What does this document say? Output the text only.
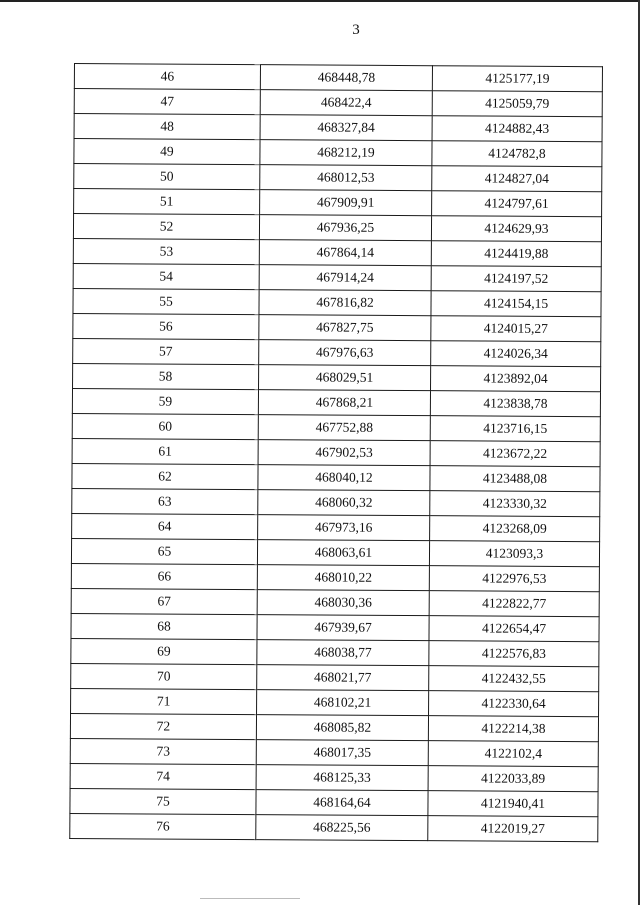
3
46	468448,78	4125177,19
47	468422,4	4125059,79
48	468327,84	4124882,43
49	468212,19	4124782,8
50	468012,53	4124827,04
51	467909,91	4124797,61
52	467936,25	4124629,93
53	467864,14	4124419,88
54	467914,24	4124197,52
55	467816,82	4124154,15
56	467827,75	4124015,27
57	467976,63	4124026,34
58	468029,51	4123892,04
59	467868,21	4123838,78
60	467752,88	4123716,15
61	467902,53	4123672,22
62	468040,12	4123488,08
63	468060,32	4123330,32
64	467973,16	4123268,09
65	468063,61	4123093,3
66	468010,22	4122976,53
67	468030,36	4122822,77
68	467939,67	4122654,47
69	468038,77	4122576,83
70	468021,77	4122432,55
71	468102,21	4122330,64
72	468085,82	4122214,38
73	468017,35	4122102,4
74	468125,33	4122033,89
75	468164,64	4121940,41
76	468225,56	4122019,27
